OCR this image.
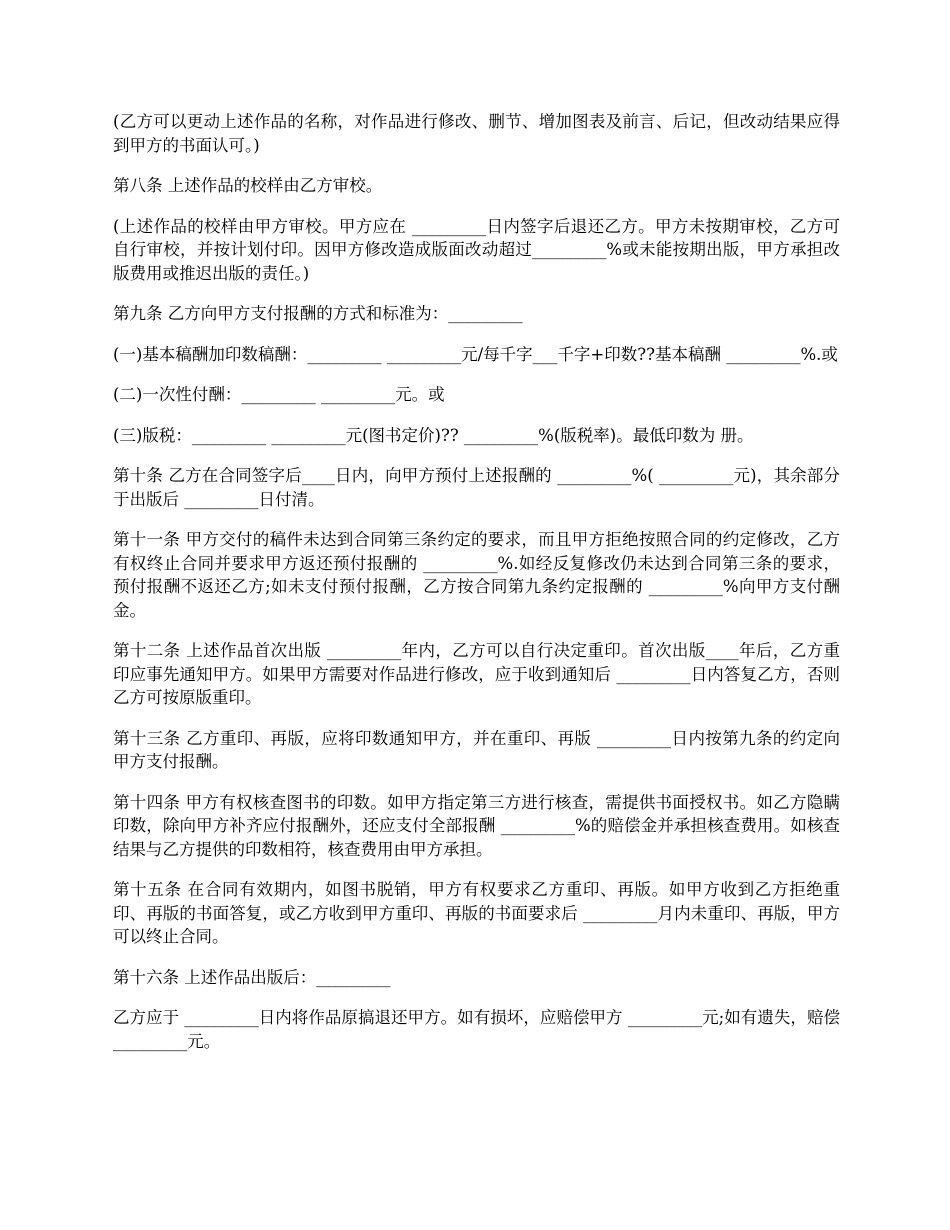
(乙方可以更动上述作品的名称，对作品进行修改、删节、增加图表及前言、后记，但改动结果应得到甲方的书面认可。)

第八条 上述作品的校样由乙方审校。

(上述作品的校样由甲方审校。甲方应在 _________日内签字后退还乙方。甲方未按期审校，乙方可自行审校，并按计划付印。因甲方修改造成版面改动超过_________%或未能按期出版，甲方承担改版费用或推迟出版的责任。)

第九条 乙方向甲方支付报酬的方式和标准为：_________

(一)基本稿酬加印数稿酬：_________ _________元/每千字___千字+印数??基本稿酬 _________%.或

(二)一次性付酬：_________ _________元。或

(三)版税：_________ _________元(图书定价)?? _________%(版税率)。最低印数为 册。

第十条 乙方在合同签字后____日内，向甲方预付上述报酬的 _________%( _________元)，其余部分于出版后 _________日付清。

第十一条 甲方交付的稿件未达到合同第三条约定的要求，而且甲方拒绝按照合同的约定修改，乙方有权终止合同并要求甲方返还预付报酬的 _________%.如经反复修改仍未达到合同第三条的要求，预付报酬不返还乙方;如未支付预付报酬，乙方按合同第九条约定报酬的 _________%向甲方支付酬金。

第十二条 上述作品首次出版 _________年内，乙方可以自行决定重印。首次出版____年后，乙方重印应事先通知甲方。如果甲方需要对作品进行修改，应于收到通知后 _________日内答复乙方，否则乙方可按原版重印。

第十三条 乙方重印、再版，应将印数通知甲方，并在重印、再版 _________日内按第九条的约定向甲方支付报酬。

第十四条 甲方有权核查图书的印数。如甲方指定第三方进行核查，需提供书面授权书。如乙方隐瞒印数，除向甲方补齐应付报酬外，还应支付全部报酬 _________%的赔偿金并承担核查费用。如核查结果与乙方提供的印数相符，核查费用由甲方承担。

第十五条 在合同有效期内，如图书脱销，甲方有权要求乙方重印、再版。如甲方收到乙方拒绝重印、再版的书面答复，或乙方收到甲方重印、再版的书面要求后 _________月内未重印、再版，甲方可以终止合同。

第十六条 上述作品出版后：_________

乙方应于 _________日内将作品原搞退还甲方。如有损坏，应赔偿甲方 _________元;如有遗失，赔偿 _________元。
